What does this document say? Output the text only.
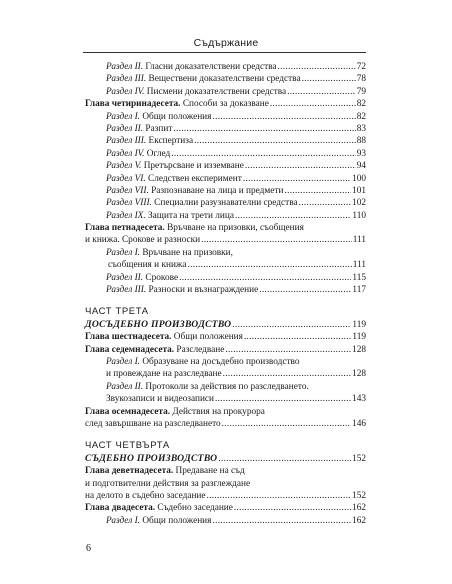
Съдържание
Раздел II. Гласни доказателствени средства .....	72
Раздел III. Веществени доказателствени средства .....	78
Раздел IV. Писмени доказателствени средства .....	79
Глава четиринадесета. Способи за доказване .....	82
Раздел I. Общи положения .....	82
Раздел II. Разпит .....	83
Раздел III. Експертиза .....	88
Раздел IV. Оглед .....	93
Раздел V. Претърсване и изземване .....	94
Раздел VI. Следствен експеримент .....	100
Раздел VII. Разпознаване на лица и предмети .....	101
Раздел VIII. Специални разузнавателни средства .....	102
Раздел IX. Защита на трети лица .....	110
Глава петнадесета. Връчване на призовки, съобщения
и книжа. Срокове и разноски .....	111
Раздел I. Връчване на призовки,
съобщения и книжа .....	111
Раздел II. Срокове .....	115
Раздел III. Разноски и възнаграждение .....	117
ЧАСТ ТРЕТА
ДОСЪДЕБНО ПРОИЗВОДСТВО .....	119
Глава шестнадесета. Общи положения .....	119
Глава седемнадесета. Разследване .....	128
Раздел I. Образуване на досъдебно производство
и провеждане на разследване .....	128
Раздел II. Протоколи за действия по разследването.
Звукозаписи и видеозаписи .....	143
Глава осемнадесета. Действия на прокурора
след завършване на разследването .....	146
ЧАСТ ЧЕТВЪРТА
СЪДЕБНО ПРОИЗВОДСТВО .....	152
Глава деветнадесета. Предаване на съд
и подготвителни действия за разглеждане
на делото в съдебно заседание .....	152
Глава двадесета. Съдебно заседание .....	162
Раздел I. Общи положения .....	162
6
